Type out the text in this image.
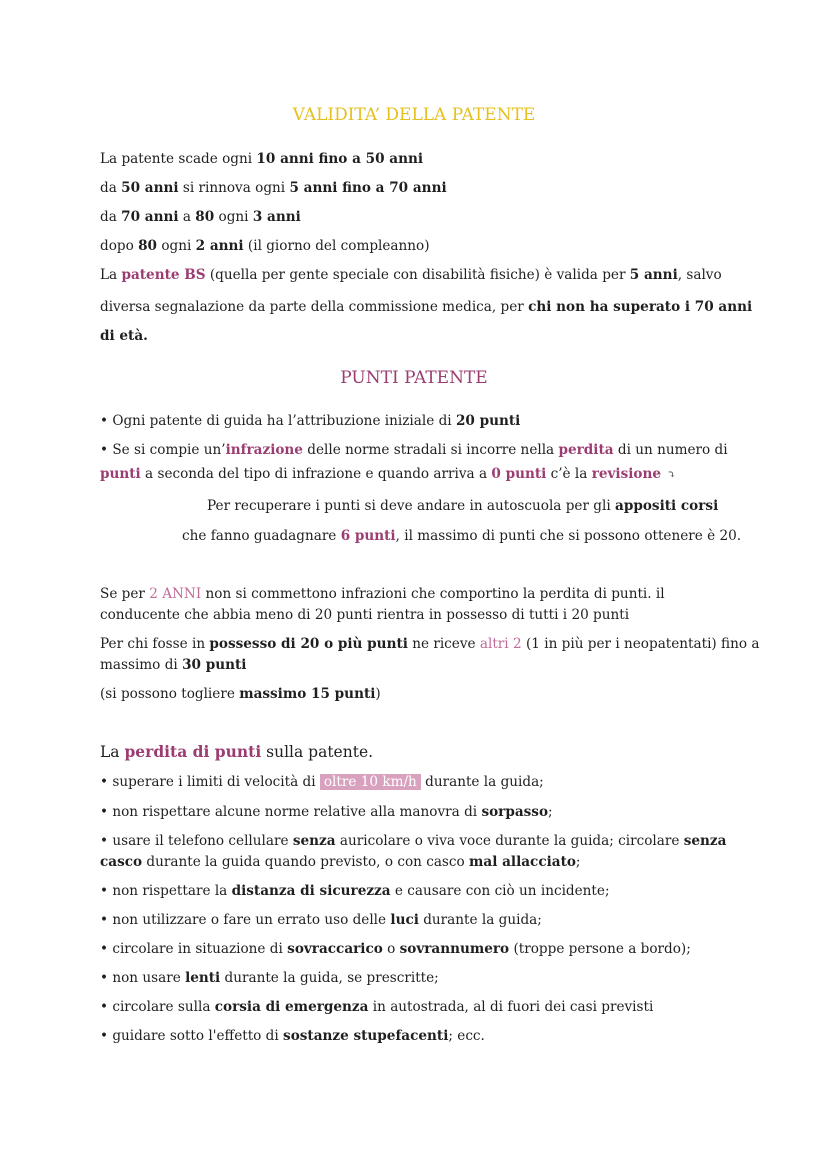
VALIDITA’ DELLA PATENTE
La patente scade ogni 10 anni fino a 50 anni
da 50 anni si rinnova ogni 5 anni fino a 70 anni
da 70 anni a 80 ogni 3 anni
dopo 80 ogni 2 anni (il giorno del compleanno)
La patente BS (quella per gente speciale con disabilità fisiche) è valida per 5 anni, salvo
diversa segnalazione da parte della commissione medica, per chi non ha superato i 70 anni
di età.
PUNTI PATENTE
• Ogni patente di guida ha l’attribuzione iniziale di 20 punti
• Se si compie un’infrazione delle norme stradali si incorre nella perdita di un numero di
punti a seconda del tipo di infrazione e quando arriva a 0 punti c’è la revisione ⤵
Per recuperare i punti si deve andare in autoscuola per gli appositi corsi
che fanno guadagnare 6 punti, il massimo di punti che si possono ottenere è 20.
Se per 2 ANNI non si commettono infrazioni che comportino la perdita di punti. il
conducente che abbia meno di 20 punti rientra in possesso di tutti i 20 punti
Per chi fosse in possesso di 20 o più punti ne riceve altri 2 (1 in più per i neopatentati) fino a
massimo di 30 punti
(si possono togliere massimo 15 punti)
La perdita di punti sulla patente.
• superare i limiti di velocità di oltre 10 km/h durante la guida;
• non rispettare alcune norme relative alla manovra di sorpasso;
• usare il telefono cellulare senza auricolare o viva voce durante la guida; circolare senza
casco durante la guida quando previsto, o con casco mal allacciato;
• non rispettare la distanza di sicurezza e causare con ciò un incidente;
• non utilizzare o fare un errato uso delle luci durante la guida;
• circolare in situazione di sovraccarico o sovrannumero (troppe persone a bordo);
• non usare lenti durante la guida, se prescritte;
• circolare sulla corsia di emergenza in autostrada, al di fuori dei casi previsti
• guidare sotto l'effetto di sostanze stupefacenti; ecc.
